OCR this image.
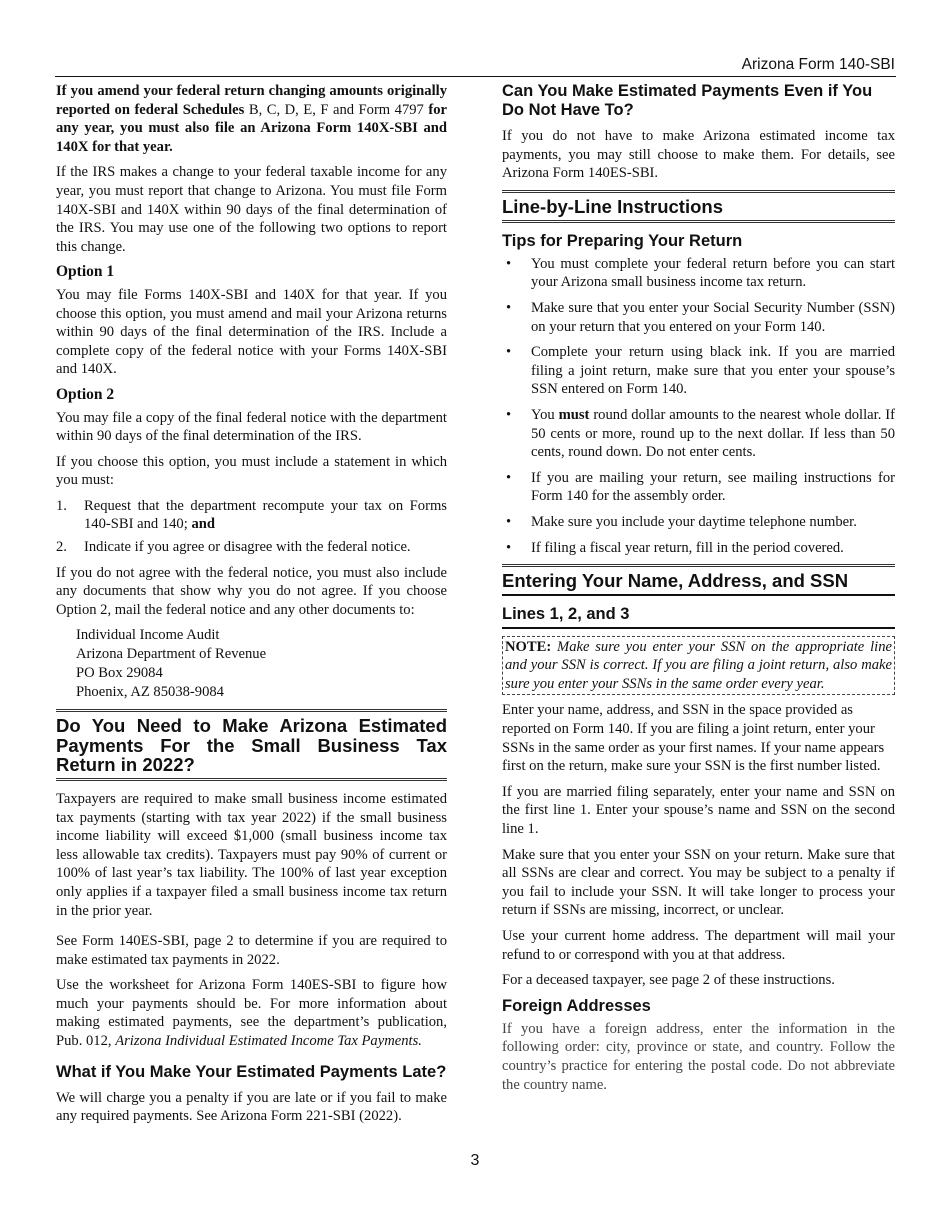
Arizona Form 140-SBI

If you amend your federal return changing amounts originally reported on federal Schedules B, C, D, E, F and Form 4797 for any year, you must also file an Arizona Form 140X-SBI and 140X for that year.

If the IRS makes a change to your federal taxable income for any year, you must report that change to Arizona. You must file Form 140X-SBI and 140X within 90 days of the final determination of the IRS. You may use one of the following two options to report this change.

Option 1

You may file Forms 140X-SBI and 140X for that year. If you choose this option, you must amend and mail your Arizona returns within 90 days of the final determination of the IRS. Include a complete copy of the federal notice with your Forms 140X-SBI and 140X.

Option 2

You may file a copy of the final federal notice with the department within 90 days of the final determination of the IRS.

If you choose this option, you must include a statement in which you must:

1. Request that the department recompute your tax on Forms 140-SBI and 140; and
2. Indicate if you agree or disagree with the federal notice.

If you do not agree with the federal notice, you must also include any documents that show why you do not agree. If you choose Option 2, mail the federal notice and any other documents to:

Individual Income Audit
Arizona Department of Revenue
PO Box 29084
Phoenix, AZ 85038-9084
Do You Need to Make Arizona Estimated Payments For the Small Business Tax Return in 2022?

Taxpayers are required to make small business income estimated tax payments (starting with tax year 2022) if the small business income liability will exceed $1,000 (small business income tax less allowable tax credits). Taxpayers must pay 90% of current or 100% of last year’s tax liability. The 100% of last year exception only applies if a taxpayer filed a small business income tax return in the prior year.

See Form 140ES-SBI, page 2 to determine if you are required to make estimated tax payments in 2022.

Use the worksheet for Arizona Form 140ES-SBI to figure how much your payments should be. For more information about making estimated payments, see the department’s publication, Pub. 012, Arizona Individual Estimated Income Tax Payments.

What if You Make Your Estimated Payments Late?

We will charge you a penalty if you are late or if you fail to make any required payments. See Arizona Form 221-SBI (2022).

Can You Make Estimated Payments Even if You Do Not Have To?

If you do not have to make Arizona estimated income tax payments, you may still choose to make them. For details, see Arizona Form 140ES-SBI.

Line-by-Line Instructions
Tips for Preparing Your Return
• You must complete your federal return before you can start your Arizona small business income tax return.
• Make sure that you enter your Social Security Number (SSN) on your return that you entered on your Form 140.
• Complete your return using black ink. If you are married filing a joint return, make sure that you enter your spouse’s SSN entered on Form 140.
• You must round dollar amounts to the nearest whole dollar. If 50 cents or more, round up to the next dollar. If less than 50 cents, round down. Do not enter cents.
• If you are mailing your return, see mailing instructions for Form 140 for the assembly order.
• Make sure you include your daytime telephone number.
• If filing a fiscal year return, fill in the period covered.
Entering Your Name, Address, and SSN
Lines 1, 2, and 3
NOTE: Make sure you enter your SSN on the appropriate line and your SSN is correct. If you are filing a joint return, also make sure you enter your SSNs in the same order every year.

Enter your name, address, and SSN in the space provided as reported on Form 140. If you are filing a joint return, enter your SSNs in the same order as your first names. If your name appears first on the return, make sure your SSN is the first number listed.

If you are married filing separately, enter your name and SSN on the first line 1. Enter your spouse’s name and SSN on the second line 1.

Make sure that you enter your SSN on your return. Make sure that all SSNs are clear and correct. You may be subject to a penalty if you fail to include your SSN. It will take longer to process your return if SSNs are missing, incorrect, or unclear.

Use your current home address. The department will mail your refund to or correspond with you at that address.

For a deceased taxpayer, see page 2 of these instructions.

Foreign Addresses

If you have a foreign address, enter the information in the following order: city, province or state, and country. Follow the country’s practice for entering the postal code. Do not abbreviate the country name.

3
